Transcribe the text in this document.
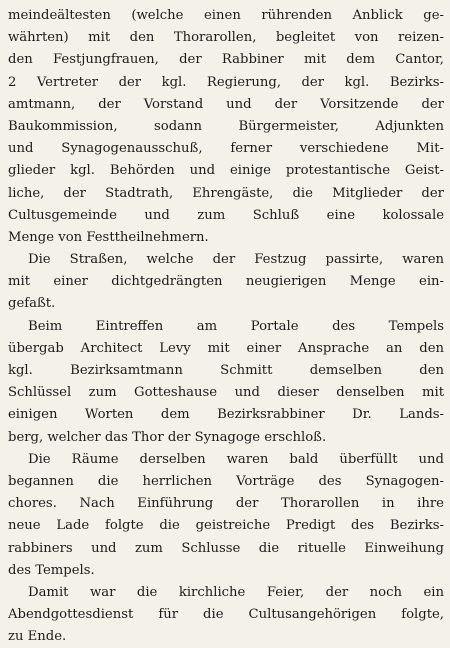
meindeältesten (welche einen rührenden Anblick ge-
währten) mit den Thorarollen, begleitet von reizen-
den Festjungfrauen, der Rabbiner mit dem Cantor,
2 Vertreter der kgl. Regierung, der kgl. Bezirks-
amtmann, der Vorstand und der Vorsitzende der
Baukommission, sodann Bürgermeister, Adjunkten
und Synagogenausschuß, ferner verschiedene Mit-
glieder kgl. Behörden und einige protestantische Geist-
liche, der Stadtrath, Ehrengäste, die Mitglieder der
Cultusgemeinde und zum Schluß eine kolossale
Menge von Festtheilnehmern.
Die Straßen, welche der Festzug passirte, waren
mit einer dichtgedrängten neugierigen Menge ein-
gefaßt.
Beim Eintreffen am Portale des Tempels
übergab Architect Levy mit einer Ansprache an den
kgl. Bezirksamtmann Schmitt demselben den
Schlüssel zum Gotteshause und dieser denselben mit
einigen Worten dem Bezirksrabbiner Dr. Lands-
berg, welcher das Thor der Synagoge erschloß.
Die Räume derselben waren bald überfüllt und
begannen die herrlichen Vorträge des Synagogen-
chores. Nach Einführung der Thorarollen in ihre
neue Lade folgte die geistreiche Predigt des Bezirks-
rabbiners und zum Schlusse die rituelle Einweihung
des Tempels.
Damit war die kirchliche Feier, der noch ein
Abendgottesdienst für die Cultusangehörigen folgte,
zu Ende.
